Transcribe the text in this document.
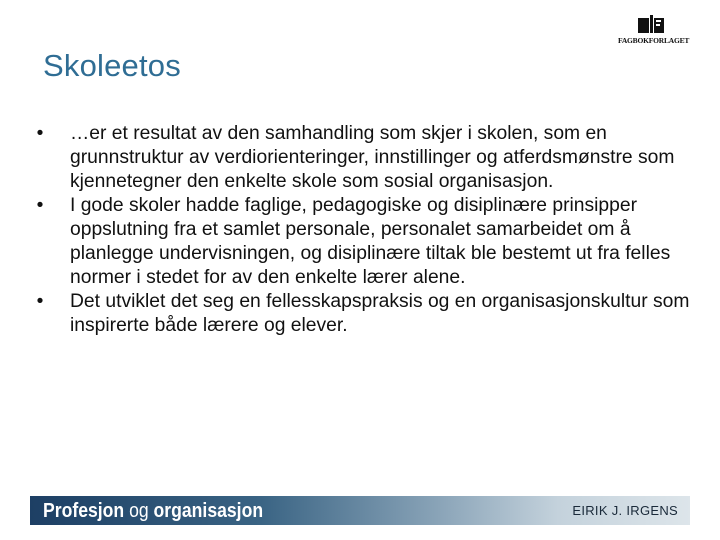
FAGBOKFORLAGET
Skoleetos
•	…er et resultat av den samhandling som skjer i skolen, som en grunnstruktur av verdiorienteringer, innstillinger og atferdsmønstre som kjennetegner den enkelte skole som sosial organisasjon.
•	I gode skoler hadde faglige, pedagogiske og disiplinære prinsipper oppslutning fra et samlet personale, personalet samarbeidet om å planlegge undervisningen, og disiplinære tiltak ble bestemt ut fra felles normer i stedet for av den enkelte lærer alene.
•	Det utviklet det seg en fellesskapspraksis og en organisasjonskultur som inspirerte både lærere og elever.
Profesjon og organisasjon	EIRIK J. IRGENS
